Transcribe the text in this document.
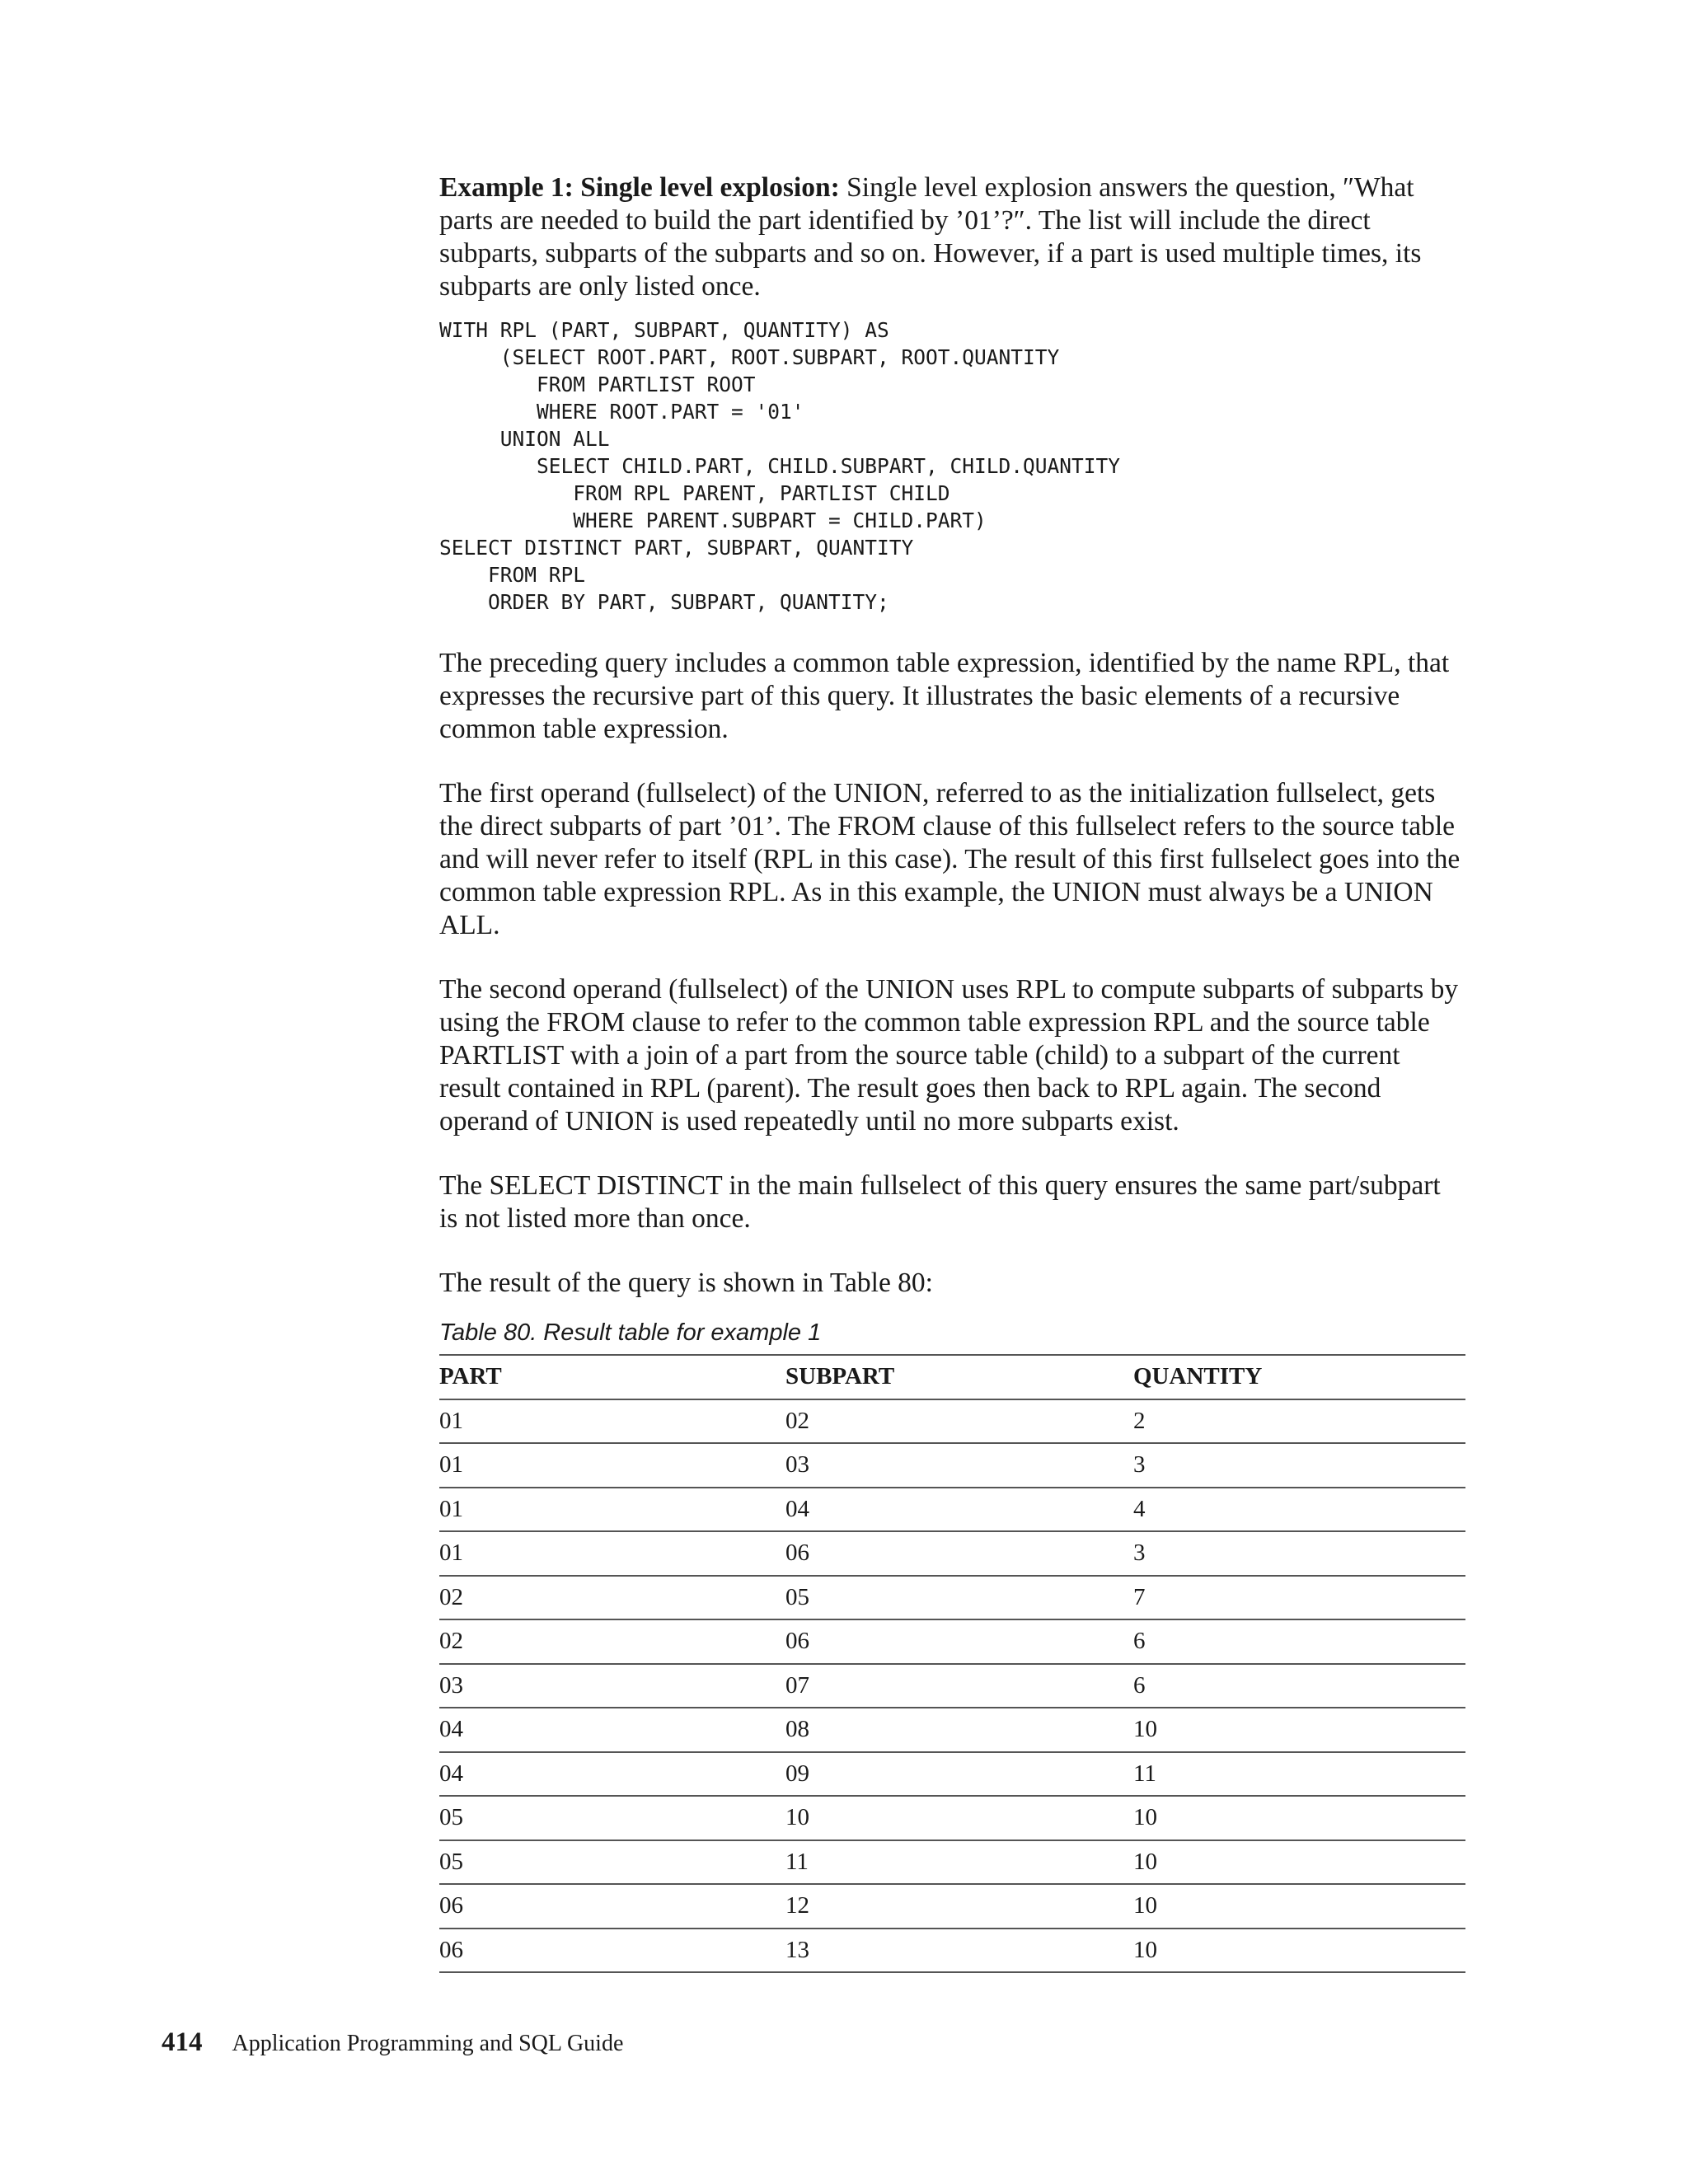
Example 1: Single level explosion: Single level explosion answers the question, ″What parts are needed to build the part identified by ’01’?″. The list will include the direct subparts, subparts of the subparts and so on. However, if a part is used multiple times, its subparts are only listed once.

WITH RPL (PART, SUBPART, QUANTITY) AS
(SELECT ROOT.PART, ROOT.SUBPART, ROOT.QUANTITY
FROM PARTLIST ROOT
WHERE ROOT.PART = '01'
UNION ALL
SELECT CHILD.PART, CHILD.SUBPART, CHILD.QUANTITY
FROM RPL PARENT, PARTLIST CHILD
WHERE PARENT.SUBPART = CHILD.PART)
SELECT DISTINCT PART, SUBPART, QUANTITY
FROM RPL
ORDER BY PART, SUBPART, QUANTITY;

The preceding query includes a common table expression, identified by the name RPL, that expresses the recursive part of this query. It illustrates the basic elements of a recursive common table expression.

The first operand (fullselect) of the UNION, referred to as the initialization fullselect, gets the direct subparts of part ’01’. The FROM clause of this fullselect refers to the source table and will never refer to itself (RPL in this case). The result of this first fullselect goes into the common table expression RPL. As in this example, the UNION must always be a UNION ALL.

The second operand (fullselect) of the UNION uses RPL to compute subparts of subparts by using the FROM clause to refer to the common table expression RPL and the source table PARTLIST with a join of a part from the source table (child) to a subpart of the current result contained in RPL (parent). The result goes then back to RPL again. The second operand of UNION is used repeatedly until no more subparts exist.

The SELECT DISTINCT in the main fullselect of this query ensures the same part/subpart is not listed more than once.

The result of the query is shown in Table 80:

Table 80. Result table for example 1
PART	SUBPART	QUANTITY
01	02	2
01	03	3
01	04	4
01	06	3
02	05	7
02	06	6
03	07	6
04	08	10
04	09	11
05	10	10
05	11	10
06	12	10
06	13	10
414 Application Programming and SQL Guide
